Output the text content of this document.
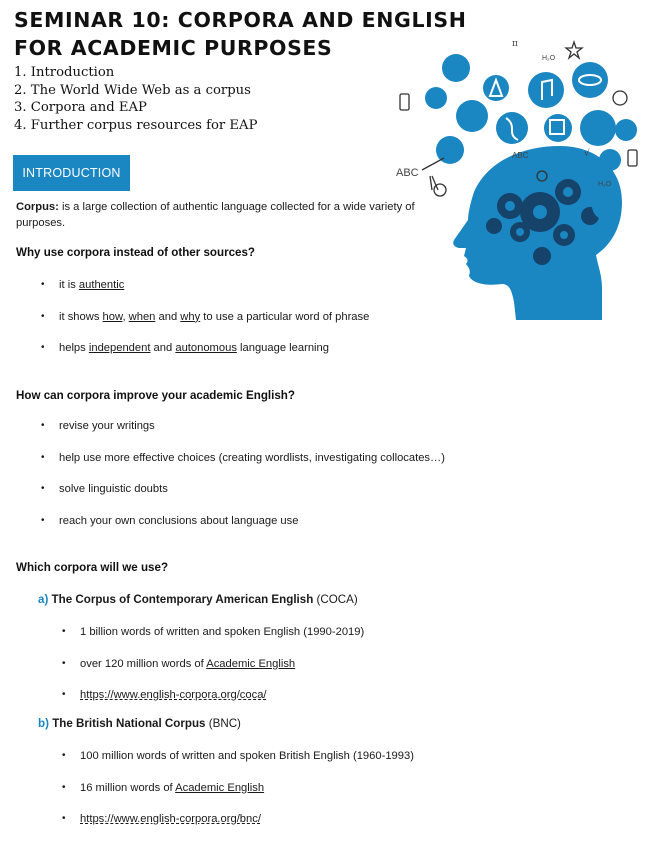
SEMINAR 10: CORPORA AND ENGLISH
FOR ACADEMIC PURPOSES
1. Introduction
2. The World Wide Web as a corpus
3. Corpora and EAP
4. Further corpus resources for EAP
INTRODUCTION	ABC
ABC
H₂O
H₂O
π
√

Corpus: is a large collection of authentic language collected for a wide variety of purposes.

Why use corpora instead of other sources?

it is authentic
it shows how, when and why to use a particular word of phrase
helps independent and autonomous language learning

How can corpora improve your academic English?

revise your writings
help use more effective choices (creating wordlists, investigating collocates…)
solve linguistic doubts
reach your own conclusions about language use

Which corpora will we use?

a) The Corpus of Contemporary American English (COCA)

1 billion words of written and spoken English (1990-2019)
over 120 million words of Academic English
https://www.english-corpora.org/coca/

b) The British National Corpus (BNC)

100 million words of written and spoken British English (1960-1993)
16 million words of Academic English
https://www.english-corpora.org/bnc/
